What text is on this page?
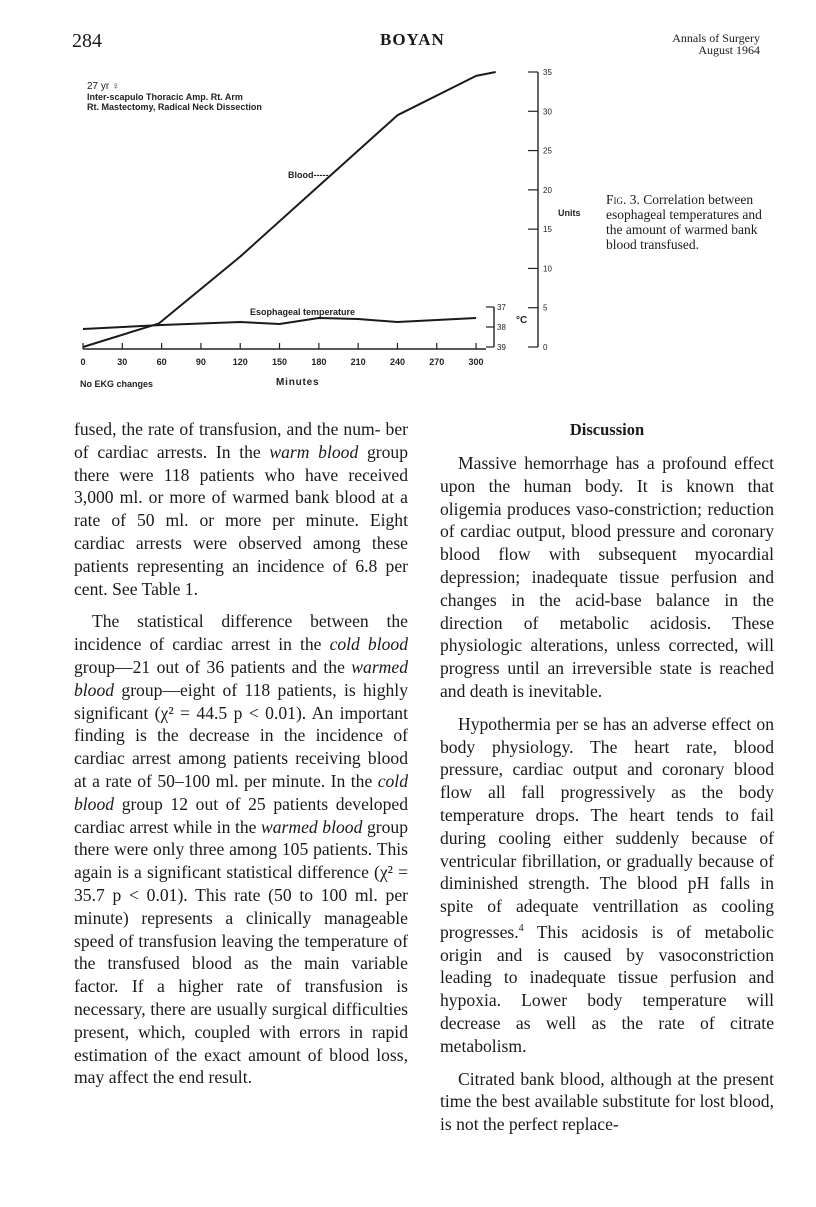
284	BOYAN	Annals of Surgery
August 1964
27 yr ♀
Inter-scapulo Thoracic Amp. Rt. Arm
Rt. Mastectomy, Radical Neck Dissection
0	30	60	90	120	150	180	210	240	270	300
0
5
10
15
20
25
30
35
37
38
39
Blood-----
Esophageal temperature
°C
Units
No EKG changes	Minutes
Fig. 3. Correlation between esophageal temperatures and the amount of warmed bank blood transfused.

fused, the rate of transfusion, and the num- ber of cardiac arrests. In the warm blood group there were 118 patients who have received 3,000 ml. or more of warmed bank blood at a rate of 50 ml. or more per minute. Eight cardiac arrests were observed among these patients representing an incidence of 6.8 per cent. See Table 1.

The statistical difference between the incidence of cardiac arrest in the cold blood group—21 out of 36 patients and the warmed blood group—eight of 118 patients, is highly significant (χ² = 44.5 p < 0.01). An important finding is the decrease in the incidence of cardiac arrest among patients receiving blood at a rate of 50–100 ml. per minute. In the cold blood group 12 out of 25 patients developed cardiac arrest while in the warmed blood group there were only three among 105 patients. This again is a significant statistical difference (χ² = 35.7 p < 0.01). This rate (50 to 100 ml. per minute) represents a clinically manageable speed of transfusion leaving the temperature of the transfused blood as the main variable factor. If a higher rate of transfusion is necessary, there are usually surgical difficulties present, which, coupled with errors in rapid estimation of the exact amount of blood loss, may affect the end result.

Discussion

Massive hemorrhage has a profound effect upon the human body. It is known that oligemia produces vaso-constriction; reduction of cardiac output, blood pressure and coronary blood flow with subsequent myocardial depression; inadequate tissue perfusion and changes in the acid-base balance in the direction of metabolic acidosis. These physiologic alterations, unless corrected, will progress until an irreversible state is reached and death is inevitable.

Hypothermia per se has an adverse effect on body physiology. The heart rate, blood pressure, cardiac output and coronary blood flow all fall progressively as the body temperature drops. The heart tends to fail during cooling either suddenly because of ventricular fibrillation, or gradually because of diminished strength. The blood pH falls in spite of adequate ventrillation as cooling progresses.$^4$ This acidosis is of metabolic origin and is caused by vasoconstriction leading to inadequate tissue perfusion and hypoxia. Lower body temperature will decrease as well as the rate of citrate metabolism.

Citrated bank blood, although at the present time the best available substitute for lost blood, is not the perfect replace-
